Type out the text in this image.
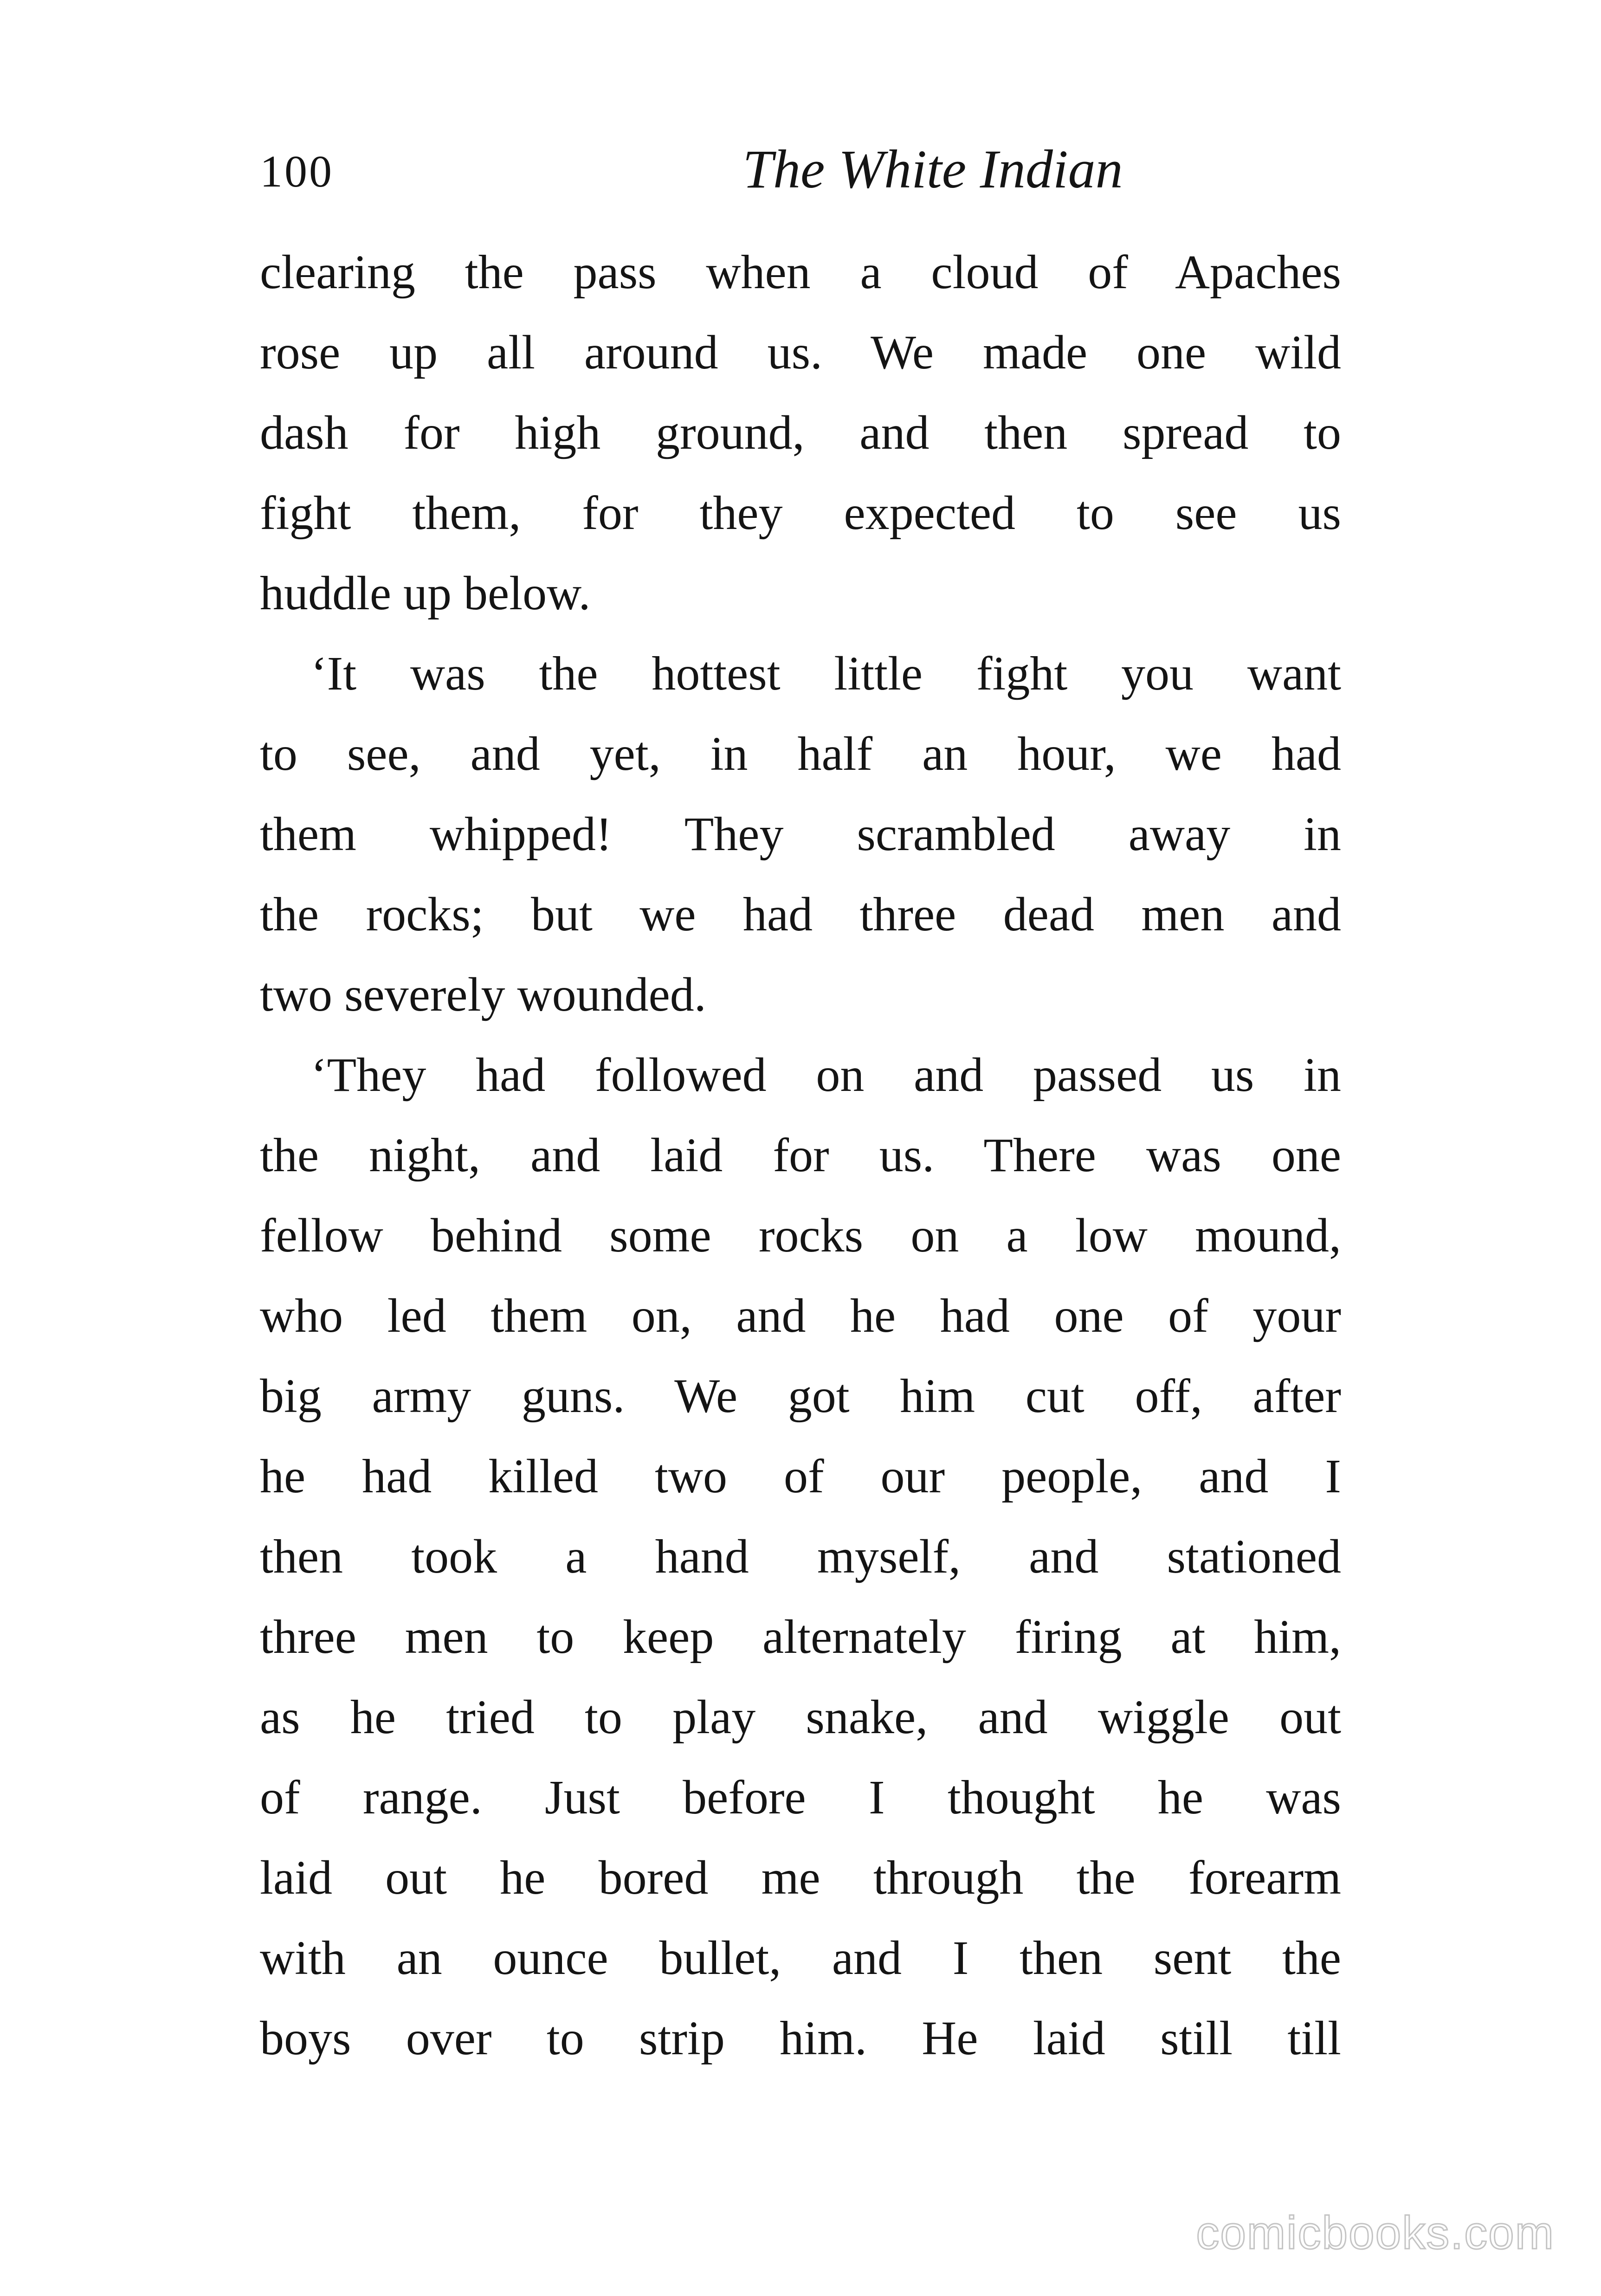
100	The White Indian
clearing the pass when a cloud of Apaches
rose up all around us. We made one wild
dash for high ground, and then spread to
fight them, for they expected to see us
huddle up below.
‘It was the hottest little fight you want
to see, and yet, in half an hour, we had
them whipped! They scrambled away in
the rocks; but we had three dead men and
two severely wounded.
‘They had followed on and passed us in
the night, and laid for us. There was one
fellow behind some rocks on a low mound,
who led them on, and he had one of your
big army guns. We got him cut off, after
he had killed two of our people, and I
then took a hand myself, and stationed
three men to keep alternately firing at him,
as he tried to play snake, and wiggle out
of range. Just before I thought he was
laid out he bored me through the forearm
with an ounce bullet, and I then sent the
boys over to strip him. He laid still till
comicbooks.com
